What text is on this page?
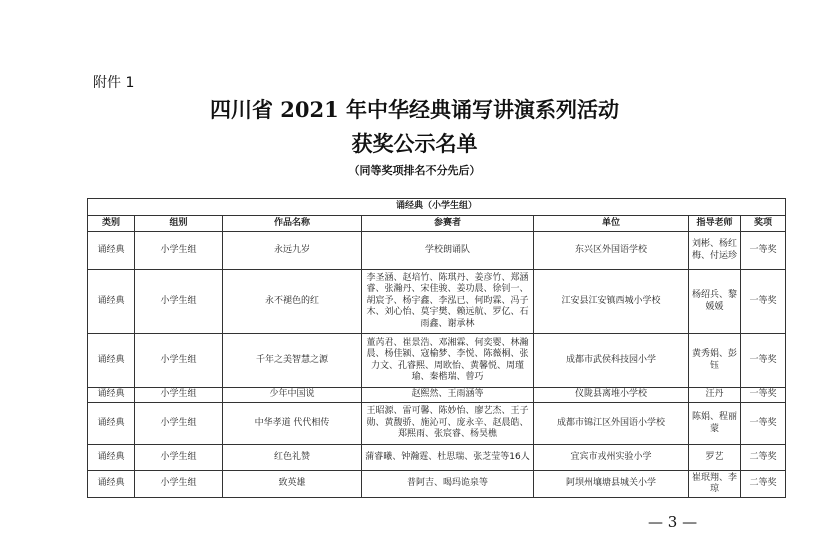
附件 1
四川省 2021 年中华经典诵写讲演系列活动
获奖公示名单
（同等奖项排名不分先后）
诵经典（小学生组）						
类别	组别	作品名称	参赛者	单位	指导老师	奖项
诵经典	小学生组	永远九岁	学校朗诵队	东兴区外国语学校	刘彬、杨红梅、付运珍	一等奖
诵经典	小学生组	永不褪色的红	李圣涵、赵培竹、陈琪丹、姜彦竹、郑涵睿、张瀚丹、宋佳骏、姜功晨、徐钊一、胡宸予、杨宇鑫、李泓已、何昀霖、冯子木、刘心怡、莫宇樊、赖远航、罗亿、石雨鑫、谢承林	江安县江安镇西城小学校	杨绍兵、黎媛媛	一等奖
诵经典	小学生组	千年之美智慧之源	董芮君、崔景浩、邓湘霖、何奕婴、林瀚晨、杨佳颍、寇榆梦、李悦、陈薇桐、张力文、孔睿熙、周欧怡、黄馨悦、周瑾瑜、秦楷瑞、曾巧	成都市武侯科技园小学	黄秀娟、彭钰	一等奖
诵经典	小学生组	少年中国说	赵熙然、王雨涵等	仪陇县离堆小学校	汪丹	一等奖
诵经典	小学生组	中华孝道 代代相传	王昭源、雷可馨、陈妙怡、廖艺杰、王子勋、黄馥骄、施沁可、庞永辛、赵晨皓、郑熙雨、张宸睿、杨昊樵	成都市锦江区外国语小学校	陈娟、程丽蒙	一等奖
诵经典	小学生组	红色礼赞	蒲睿曦、钟瀚霆、杜思瑞、张芝莹等16人	宜宾市戎州实验小学	罗艺	二等奖
诵经典	小学生组	致英雄	普阿吉、喝玛诡泉等	阿坝州壤塘县城关小学	崔珉翔、李琼	二等奖
— 3 —
